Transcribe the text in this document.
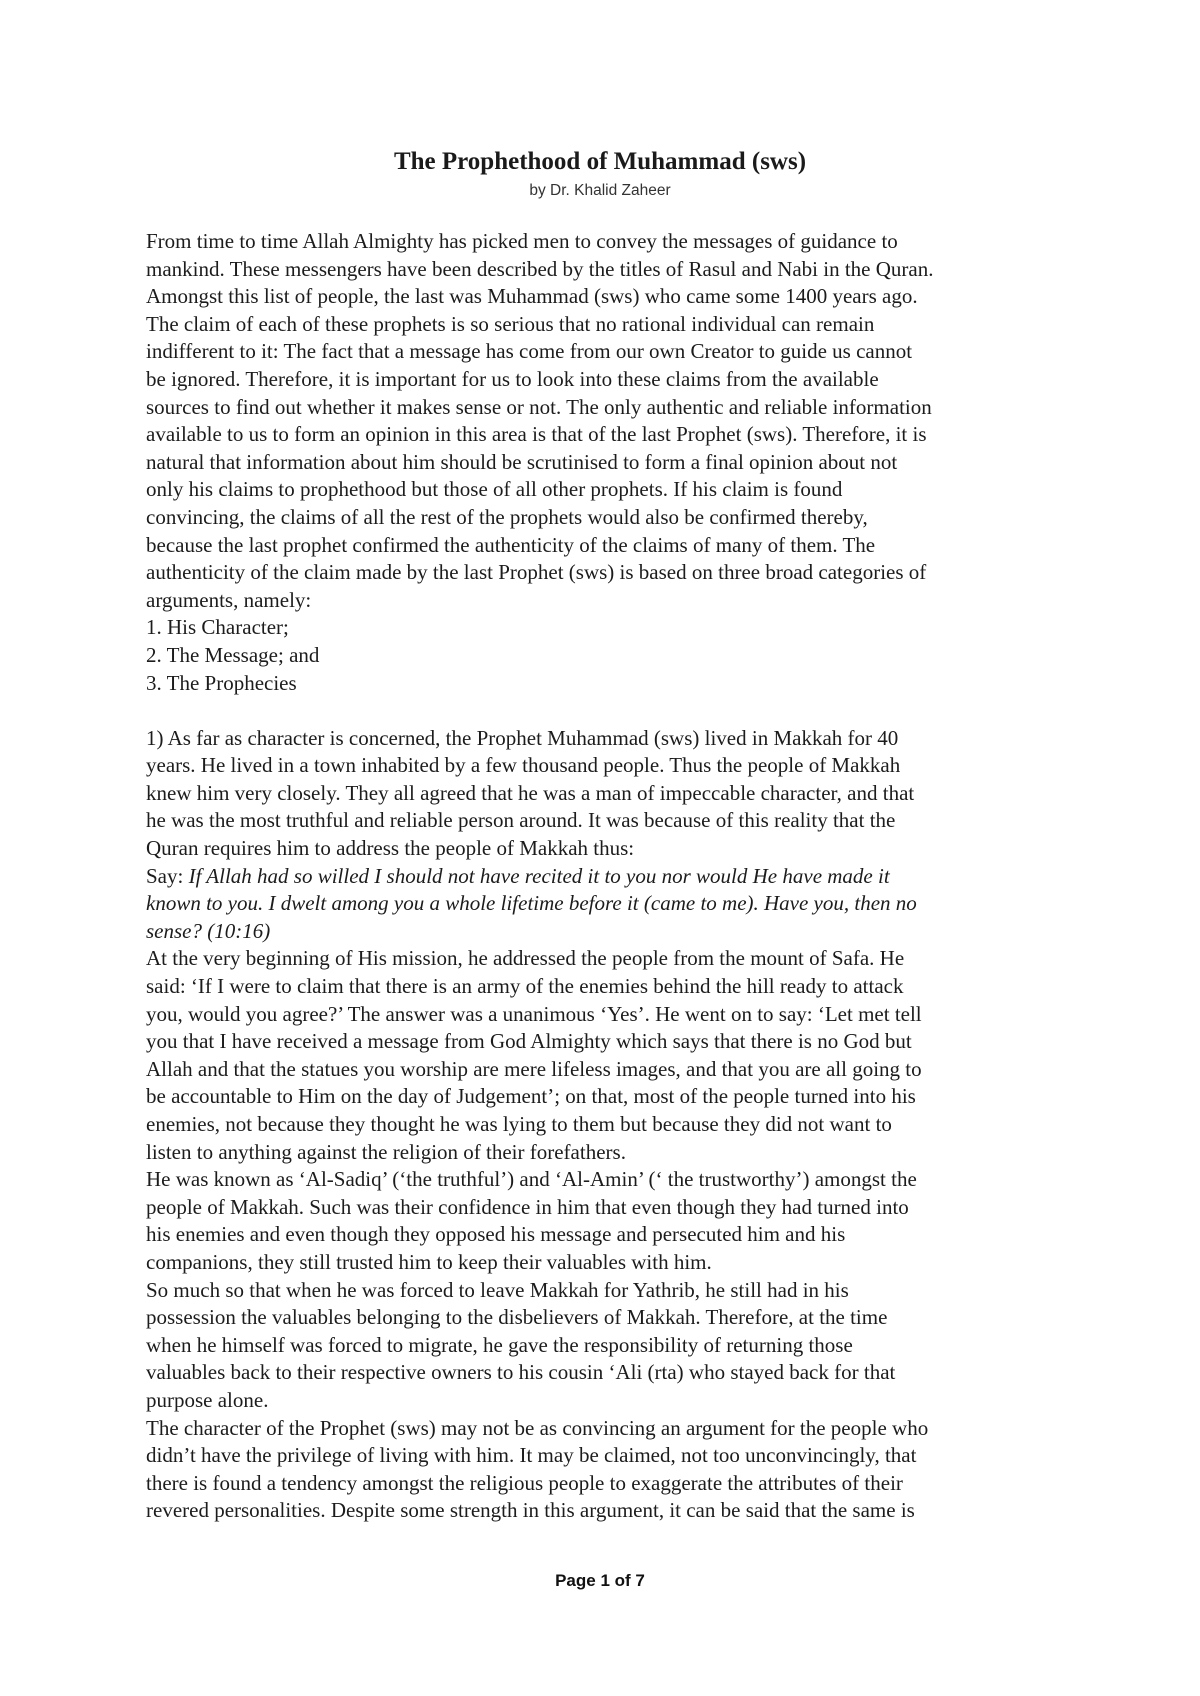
The Prophethood of Muhammad (sws)

by Dr. Khalid Zaheer

From time to time Allah Almighty has picked men to convey the messages of guidance to
mankind. These messengers have been described by the titles of Rasul and Nabi in the Quran.
Amongst this list of people, the last was Muhammad (sws) who came some 1400 years ago.
The claim of each of these prophets is so serious that no rational individual can remain
indifferent to it: The fact that a message has come from our own Creator to guide us cannot
be ignored. Therefore, it is important for us to look into these claims from the available
sources to find out whether it makes sense or not. The only authentic and reliable information
available to us to form an opinion in this area is that of the last Prophet (sws). Therefore, it is
natural that information about him should be scrutinised to form a final opinion about not
only his claims to prophethood but those of all other prophets. If his claim is found
convincing, the claims of all the rest of the prophets would also be confirmed thereby,
because the last prophet confirmed the authenticity of the claims of many of them. The
authenticity of the claim made by the last Prophet (sws) is based on three broad categories of
arguments, namely:
1. His Character;
2. The Message; and
3. The Prophecies
1) As far as character is concerned, the Prophet Muhammad (sws) lived in Makkah for 40
years. He lived in a town inhabited by a few thousand people. Thus the people of Makkah
knew him very closely. They all agreed that he was a man of impeccable character, and that
he was the most truthful and reliable person around. It was because of this reality that the
Quran requires him to address the people of Makkah thus:
Say: If Allah had so willed I should not have recited it to you nor would He have made it
known to you. I dwelt among you a whole lifetime before it (came to me). Have you, then no
sense? (10:16)
At the very beginning of His mission, he addressed the people from the mount of Safa. He
said: ‘If I were to claim that there is an army of the enemies behind the hill ready to attack
you, would you agree?’ The answer was a unanimous ‘Yes’. He went on to say: ‘Let met tell
you that I have received a message from God Almighty which says that there is no God but
Allah and that the statues you worship are mere lifeless images, and that you are all going to
be accountable to Him on the day of Judgement’; on that, most of the people turned into his
enemies, not because they thought he was lying to them but because they did not want to
listen to anything against the religion of their forefathers.
He was known as ‘Al-Sadiq’ (‘the truthful’) and ‘Al-Amin’ (‘ the trustworthy’) amongst the
people of Makkah. Such was their confidence in him that even though they had turned into
his enemies and even though they opposed his message and persecuted him and his
companions, they still trusted him to keep their valuables with him.
So much so that when he was forced to leave Makkah for Yathrib, he still had in his
possession the valuables belonging to the disbelievers of Makkah. Therefore, at the time
when he himself was forced to migrate, he gave the responsibility of returning those
valuables back to their respective owners to his cousin ‘Ali (rta) who stayed back for that
purpose alone.
The character of the Prophet (sws) may not be as convincing an argument for the people who
didn’t have the privilege of living with him. It may be claimed, not too unconvincingly, that
there is found a tendency amongst the religious people to exaggerate the attributes of their
revered personalities. Despite some strength in this argument, it can be said that the same is
Page 1 of 7
